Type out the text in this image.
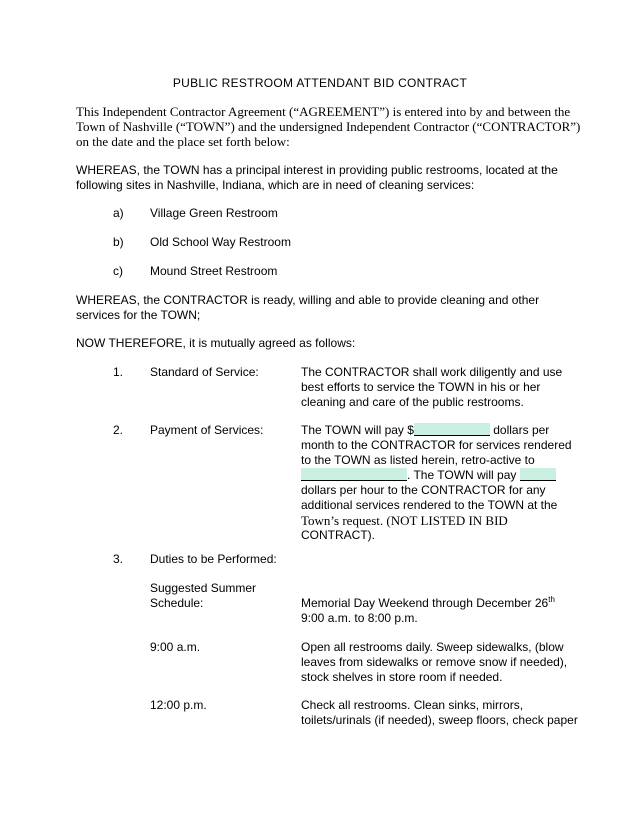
PUBLIC RESTROOM ATTENDANT BID CONTRACT

This Independent Contractor Agreement (“AGREEMENT”) is entered into by and between the

Town of Nashville (“TOWN”) and the undersigned Independent Contractor (“CONTRACTOR”)

on the date and the place set forth below:

WHEREAS, the TOWN has a principal interest in providing public restrooms, located at the

following sites in Nashville, Indiana, which are in need of cleaning services:

a) Village Green Restroom
b) Old School Way Restroom
c) Mound Street Restroom

WHEREAS, the CONTRACTOR is ready, willing and able to provide cleaning and other

services for the TOWN;

NOW THEREFORE, it is mutually agreed as follows:

1. Standard of Service:	The CONTRACTOR shall work diligently and use
best efforts to service the TOWN in his or her
cleaning and care of the public restrooms.
2. Payment of Services:	The TOWN will pay $	dollars per
month to the CONTRACTOR for services rendered
to the TOWN as listed herein, retro-active to
. The TOWN will pay
dollars per hour to the CONTRACTOR for any
additional services rendered to the TOWN at the
Town’s request. (NOT LISTED IN BID
CONTRACT).
3. Duties to be Performed:
Suggested Summer
Schedule:	Memorial Day Weekend through December 26th
9:00 a.m. to 8:00 p.m.
9:00 a.m.	Open all restrooms daily. Sweep sidewalks, (blow
leaves from sidewalks or remove snow if needed),
stock shelves in store room if needed.
12:00 p.m.	Check all restrooms. Clean sinks, mirrors,
toilets/urinals (if needed), sweep floors, check paper
